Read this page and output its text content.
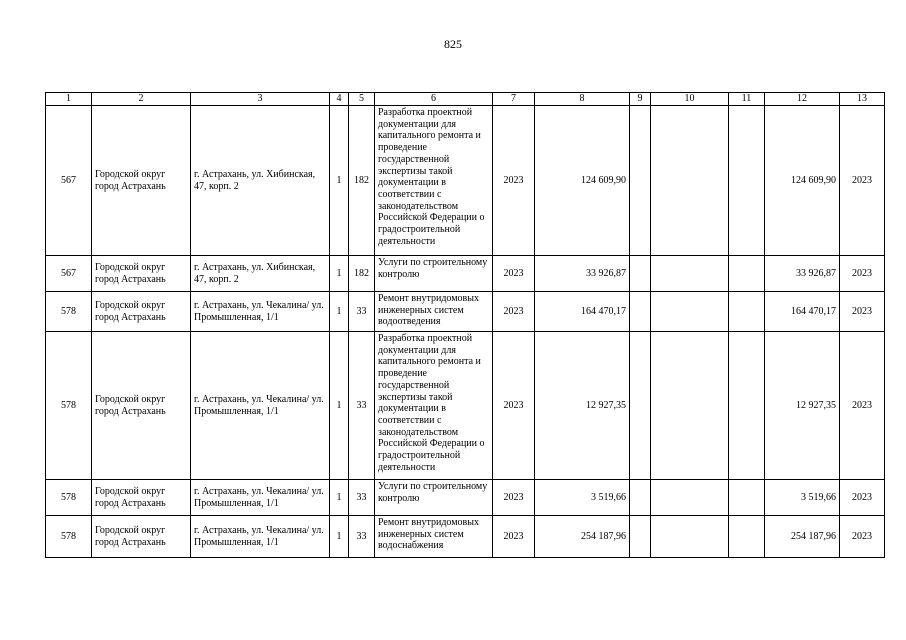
825
1	2	3	4	5	6	7	8	9	10	11	12	13
567	Городской округ город Астрахань	г. Астрахань, ул. Хибинская, 47, корп. 2	1	182	Разработка проектной документации для капитального ремонта и проведение государственной экспертизы такой документации в соответствии с законодательством Российской Федерации о градостроительной деятельности	2023	124 609,90				124 609,90	2023
567	Городской округ город Астрахань	г. Астрахань, ул. Хибинская, 47, корп. 2	1	182	Услуги по строительному контролю	2023	33 926,87				33 926,87	2023
578	Городской округ город Астрахань	г. Астрахань, ул. Чекалина/ ул. Промышленная, 1/1	1	33	Ремонт внутридомовых инженерных систем водоотведения	2023	164 470,17				164 470,17	2023
578	Городской округ город Астрахань	г. Астрахань, ул. Чекалина/ ул. Промышленная, 1/1	1	33	Разработка проектной документации для капитального ремонта и проведение государственной экспертизы такой документации в соответствии с законодательством Российской Федерации о градостроительной деятельности	2023	12 927,35				12 927,35	2023
578	Городской округ город Астрахань	г. Астрахань, ул. Чекалина/ ул. Промышленная, 1/1	1	33	Услуги по строительному контролю	2023	3 519,66				3 519,66	2023
578	Городской округ город Астрахань	г. Астрахань, ул. Чекалина/ ул. Промышленная, 1/1	1	33	Ремонт внутридомовых инженерных систем водоснабжения	2023	254 187,96				254 187,96	2023
